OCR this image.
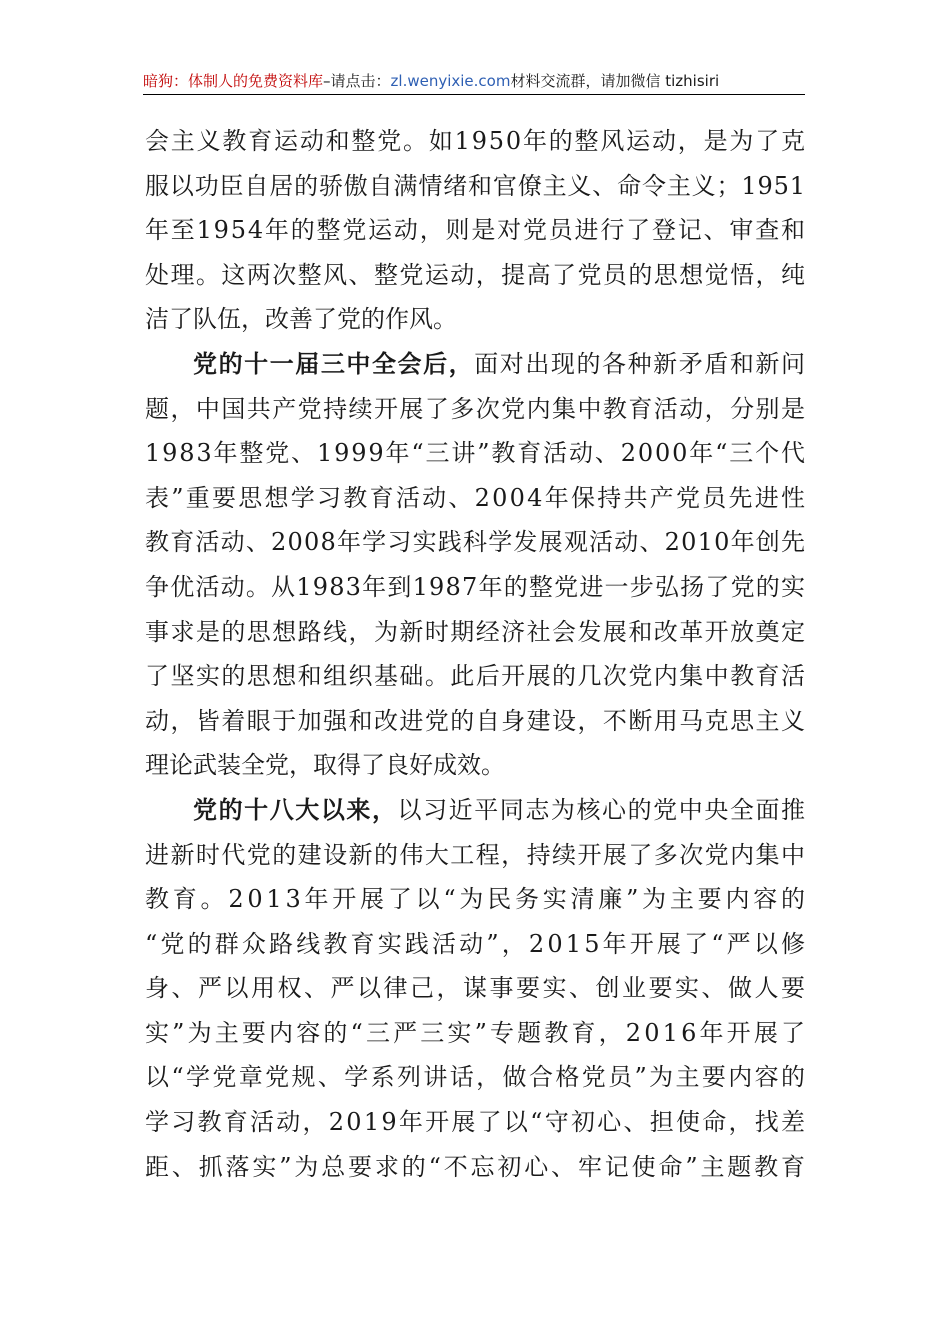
暗狗：体制人的免费资料库–请点击：zl.wenyixie.com材料交流群，请加微信 tizhisiri
会主义教育运动和整党。如1950年的整风运动，是为了克
服以功臣自居的骄傲自满情绪和官僚主义、命令主义；1951
年至1954年的整党运动，则是对党员进行了登记、审查和
处理。这两次整风、整党运动，提高了党员的思想觉悟，纯
洁了队伍，改善了党的作风。
党的十一届三中全会后， 面对出现的各种新矛盾和新问
题，中国共产党持续开展了多次党内集中教育活动，分别是
1983年整党、1999年“三讲”教育活动、2000年“三个代
表”重要思想学习教育活动、2004年保持共产党员先进性
教育活动、2008年学习实践科学发展观活动、2010年创先
争优活动。从1983年到1987年的整党进一步弘扬了党的实
事求是的思想路线，为新时期经济社会发展和改革开放奠定
了坚实的思想和组织基础。此后开展的几次党内集中教育活
动，皆着眼于加强和改进党的自身建设，不断用马克思主义
理论武装全党，取得了良好成效。
党的十八大以来， 以习近平同志为核心的党中央全面推
进新时代党的建设新的伟大工程，持续开展了多次党内集中
教育。2013年开展了以“为民务实清廉”为主要内容的
“党的群众路线教育实践活动”，2015年开展了“严以修
身、严以用权、严以律己，谋事要实、创业要实、做人要
实”为主要内容的“三严三实”专题教育，2016年开展了
以“学党章党规、学系列讲话，做合格党员”为主要内容的
学习教育活动，2019年开展了以“守初心、担使命，找差
距、抓落实”为总要求的“不忘初心、牢记使命”主题教育
